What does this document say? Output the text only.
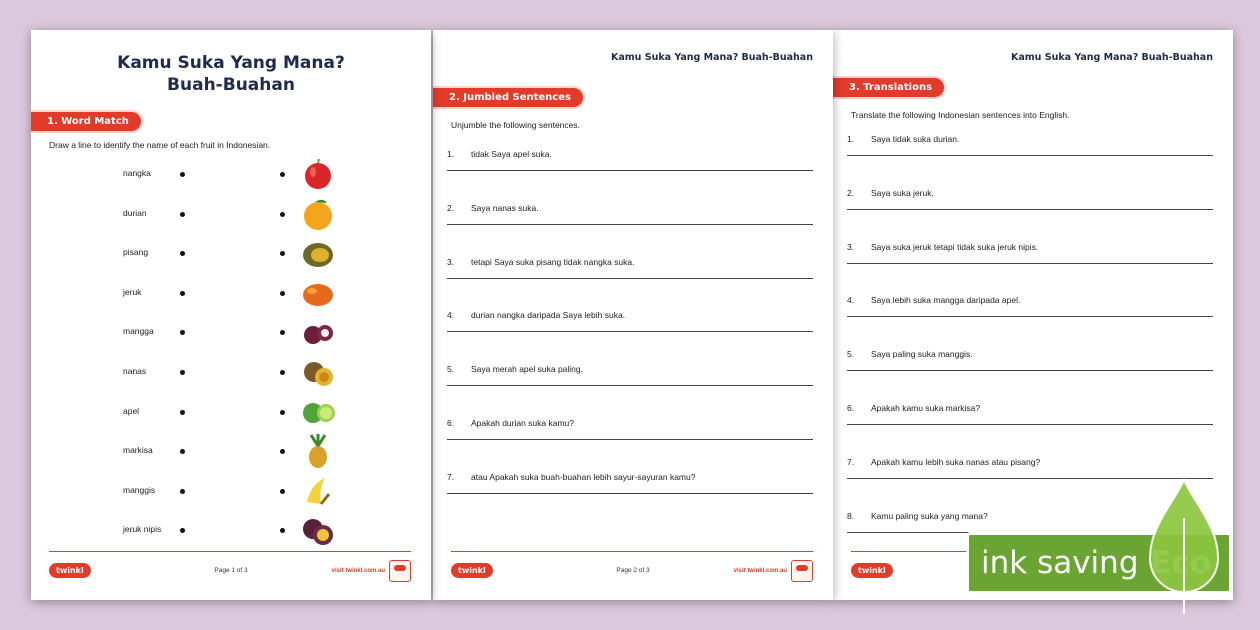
Kamu Suka Yang Mana?
Buah-Buahan
1. Word Match
Draw a line to identify the name of each fruit in Indonesian.
nangka
durian
pisang
jeruk
mangga
nanas
apel
markisa
manggis
jeruk nipis
twinkl	Page 1 of 3	visit twinkl.com.au
Kamu Suka Yang Mana? Buah-Buahan
2. Jumbled Sentences
Unjumble the following sentences.
1. tidak Saya apel suka.
2. Saya nanas suka.
3. tetapi Saya suka pisang tidak nangka suka.
4. durian nangka daripada Saya lebih suka.
5. Saya merah apel suka paling.
6. Apakah durian suka kamu?
7. atau Apakah suka buah-buahan lebih sayur-sayuran kamu?
twinkl	Page 2 of 3	visit twinkl.com.au
Kamu Suka Yang Mana? Buah-Buahan
3. Translations
Translate the following Indonesian sentences into English.
1. Saya tidak suka durian.
2. Saya suka jeruk.
3. Saya suka jeruk tetapi tidak suka jeruk nipis.
4. Saya lebih suka mangga daripada apel.
5. Saya paling suka manggis.
6. Apakah kamu suka markisa?
7. Apakah kamu lebih suka nanas atau pisang?
8. Kamu paling suka yang mana?
twinkl	ink saving
